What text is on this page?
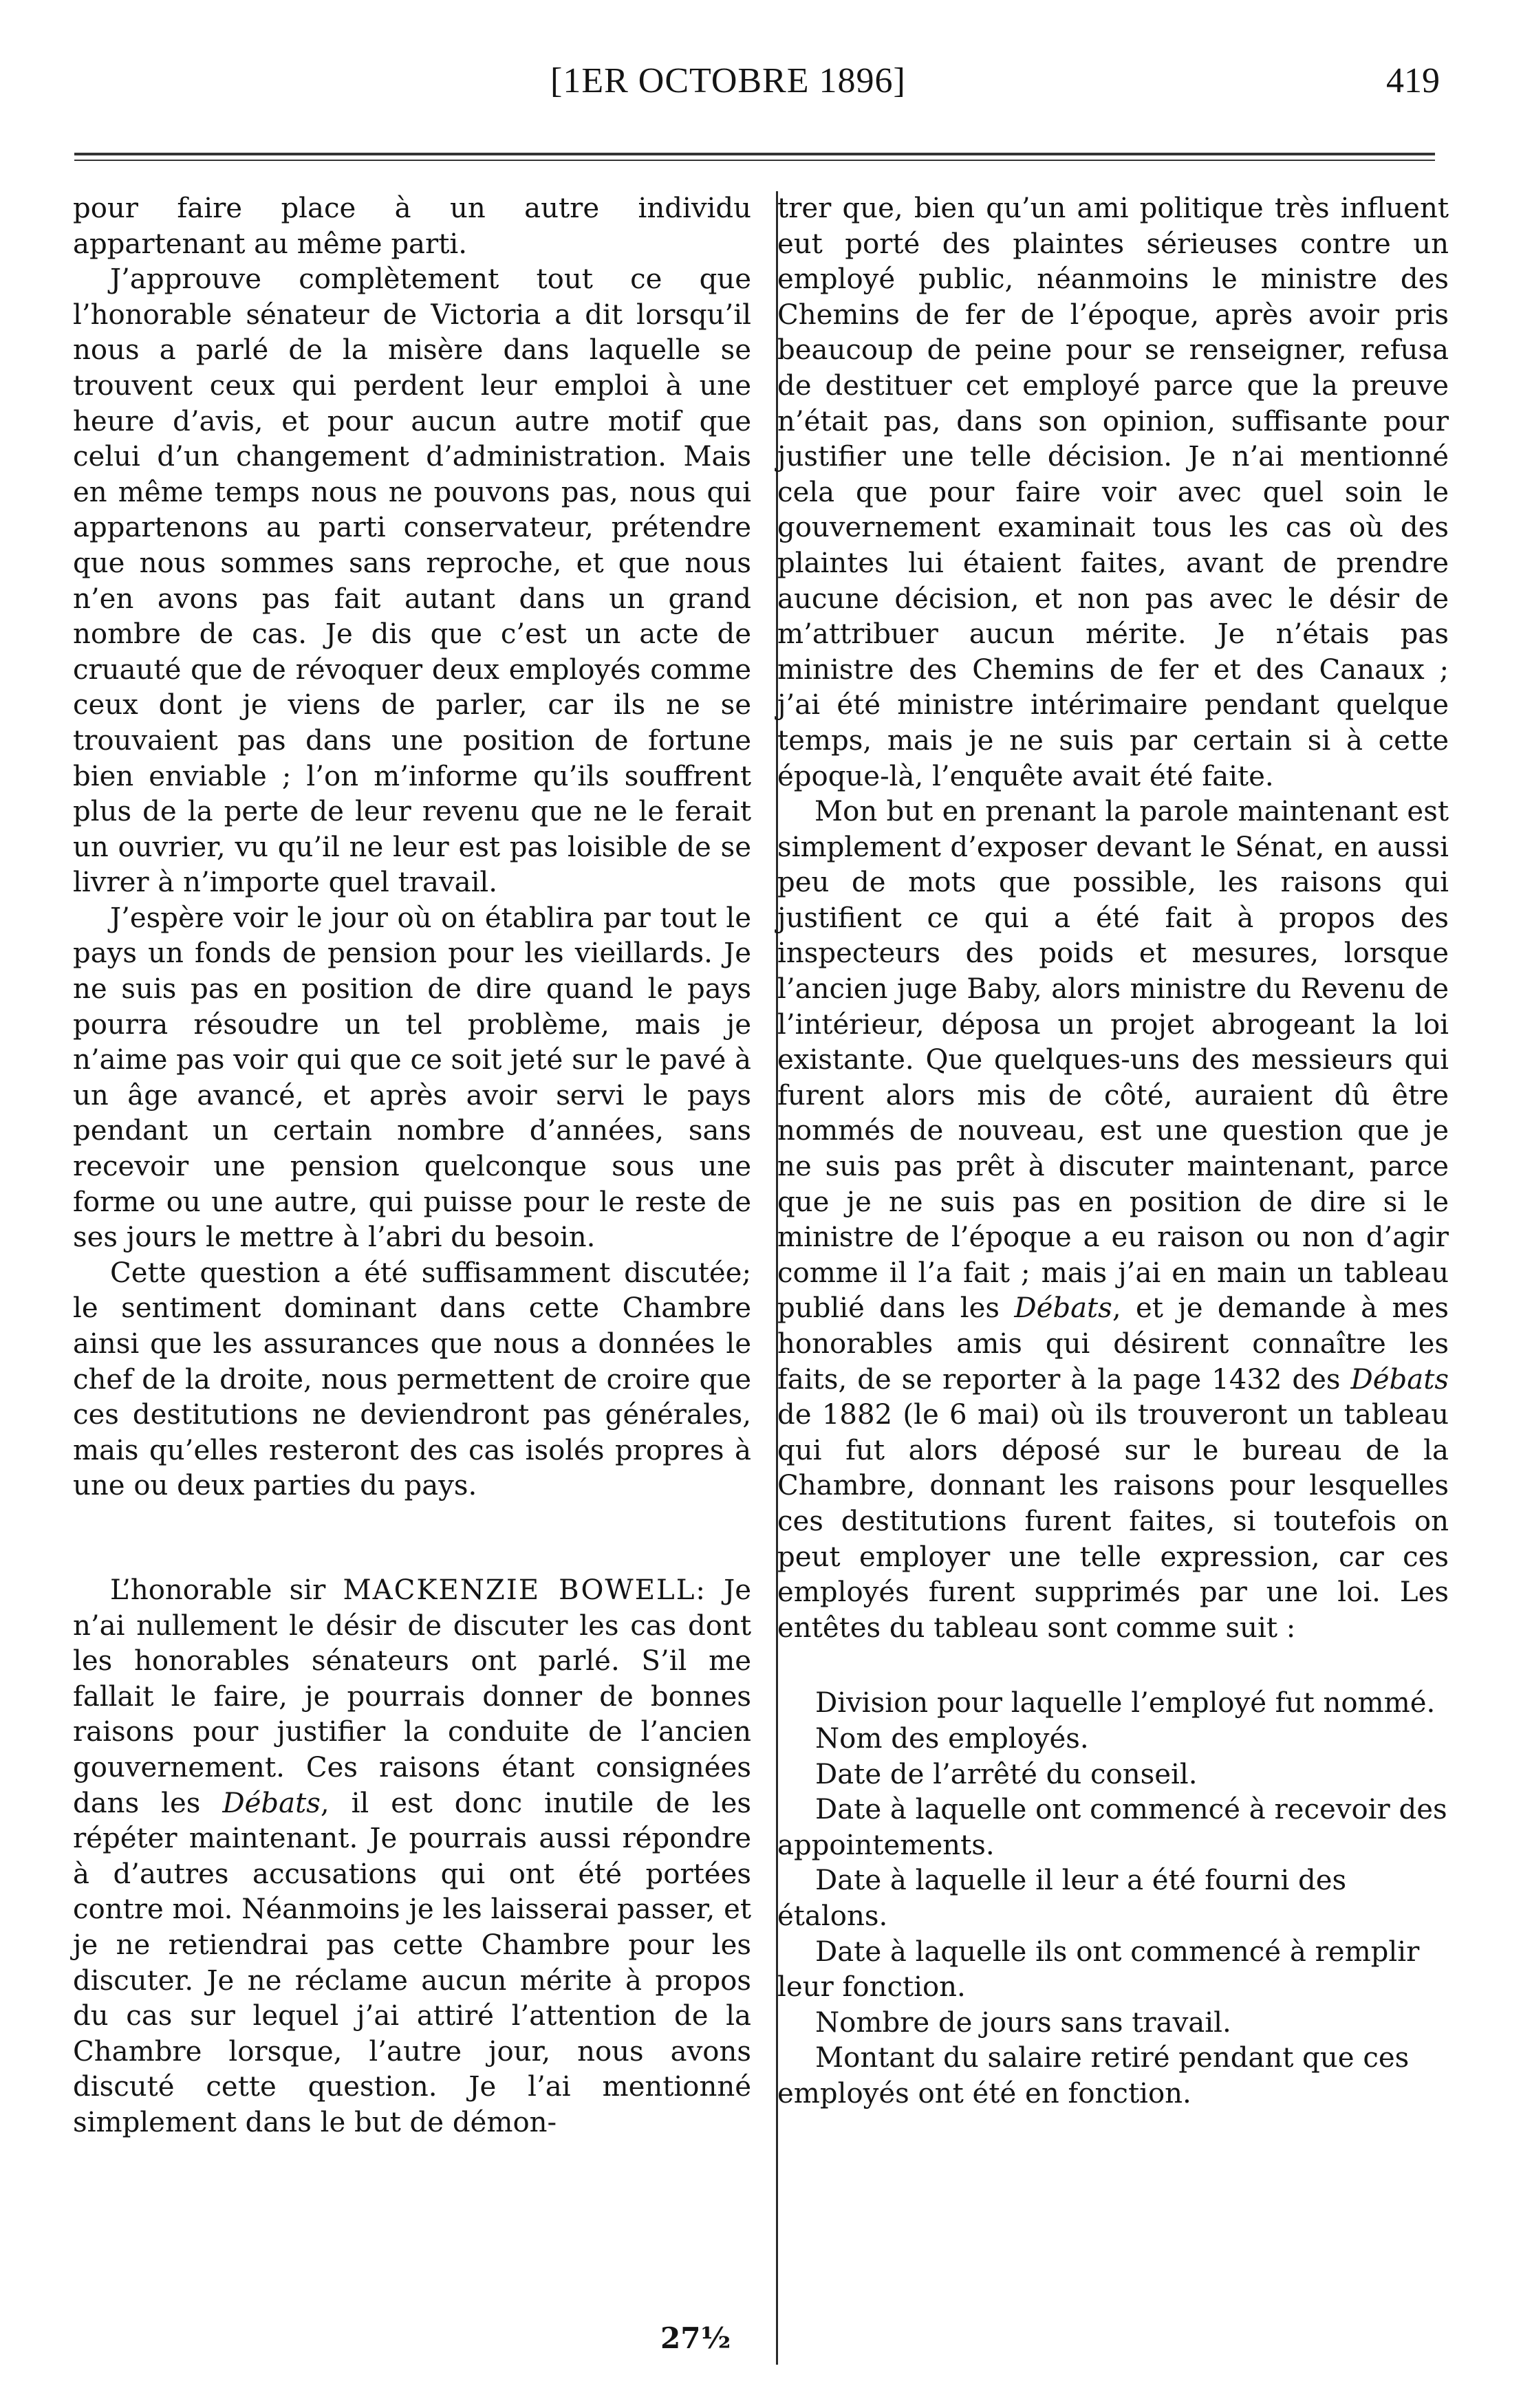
[1ER OCTOBRE 1896]	419

pour faire place à un autre individu appartenant au même parti.

J’approuve complètement tout ce que l’honorable sénateur de Victoria a dit lorsqu’il nous a parlé de la misère dans laquelle se trouvent ceux qui perdent leur emploi à une heure d’avis, et pour aucun autre motif que celui d’un changement d’administration. Mais en même temps nous ne pouvons pas, nous qui appartenons au parti conservateur, prétendre que nous sommes sans reproche, et que nous n’en avons pas fait autant dans un grand nombre de cas. Je dis que c’est un acte de cruauté que de révoquer deux employés comme ceux dont je viens de parler, car ils ne se trouvaient pas dans une position de fortune bien enviable ; l’on m’informe qu’ils souffrent plus de la perte de leur revenu que ne le ferait un ouvrier, vu qu’il ne leur est pas loisible de se livrer à n’importe quel travail.

J’espère voir le jour où on établira par tout le pays un fonds de pension pour les vieillards. Je ne suis pas en position de dire quand le pays pourra résoudre un tel problème, mais je n’aime pas voir qui que ce soit jeté sur le pavé à un âge avancé, et après avoir servi le pays pendant un certain nombre d’années, sans recevoir une pension quelconque sous une forme ou une autre, qui puisse pour le reste de ses jours le mettre à l’abri du besoin.

Cette question a été suffisamment discutée; le sentiment dominant dans cette Chambre ainsi que les assurances que nous a données le chef de la droite, nous permettent de croire que ces destitutions ne deviendront pas générales, mais qu’elles resteront des cas isolés propres à une ou deux parties du pays.

L’honorable sir MACKENZIE BOWELL: Je n’ai nullement le désir de discuter les cas dont les honorables sénateurs ont parlé. S’il me fallait le faire, je pourrais donner de bonnes raisons pour justifier la conduite de l’ancien gouvernement. Ces raisons étant consignées dans les Débats, il est donc inutile de les répéter maintenant. Je pourrais aussi répondre à d’autres accusations qui ont été portées contre moi. Néanmoins je les laisserai passer, et je ne retiendrai pas cette Chambre pour les discuter. Je ne réclame aucun mérite à propos du cas sur lequel j’ai attiré l’attention de la Chambre lorsque, l’autre jour, nous avons discuté cette question. Je l’ai mentionné simplement dans le but de démon-

trer que, bien qu’un ami politique très influent eut porté des plaintes sérieuses contre un employé public, néanmoins le ministre des Chemins de fer de l’époque, après avoir pris beaucoup de peine pour se renseigner, refusa de destituer cet employé parce que la preuve n’était pas, dans son opinion, suffisante pour justifier une telle décision. Je n’ai mentionné cela que pour faire voir avec quel soin le gouvernement examinait tous les cas où des plaintes lui étaient faites, avant de prendre aucune décision, et non pas avec le désir de m’attribuer aucun mérite. Je n’étais pas ministre des Chemins de fer et des Canaux ; j’ai été ministre intérimaire pendant quelque temps, mais je ne suis par certain si à cette époque-là, l’enquête avait été faite.

Mon but en prenant la parole maintenant est simplement d’exposer devant le Sénat, en aussi peu de mots que possible, les raisons qui justifient ce qui a été fait à propos des inspecteurs des poids et mesures, lorsque l’ancien juge Baby, alors ministre du Revenu de l’intérieur, déposa un projet abrogeant la loi existante. Que quelques-uns des messieurs qui furent alors mis de côté, auraient dû être nommés de nouveau, est une question que je ne suis pas prêt à discuter maintenant, parce que je ne suis pas en position de dire si le ministre de l’époque a eu raison ou non d’agir comme il l’a fait ; mais j’ai en main un tableau publié dans les Débats, et je demande à mes honorables amis qui désirent connaître les faits, de se reporter à la page 1432 des Débats de 1882 (le 6 mai) où ils trouveront un tableau qui fut alors déposé sur le bureau de la Chambre, donnant les raisons pour lesquelles ces destitutions furent faites, si toutefois on peut employer une telle expression, car ces employés furent supprimés par une loi. Les entêtes du tableau sont comme suit :

Division pour laquelle l’employé fut nommé.

Nom des employés.

Date de l’arrêté du conseil.

Date à laquelle ont commencé à recevoir des appointements.

Date à laquelle il leur a été fourni des étalons.

Date à laquelle ils ont commencé à remplir leur fonction.

Nombre de jours sans travail.

Montant du salaire retiré pendant que ces employés ont été en fonction.

27½
